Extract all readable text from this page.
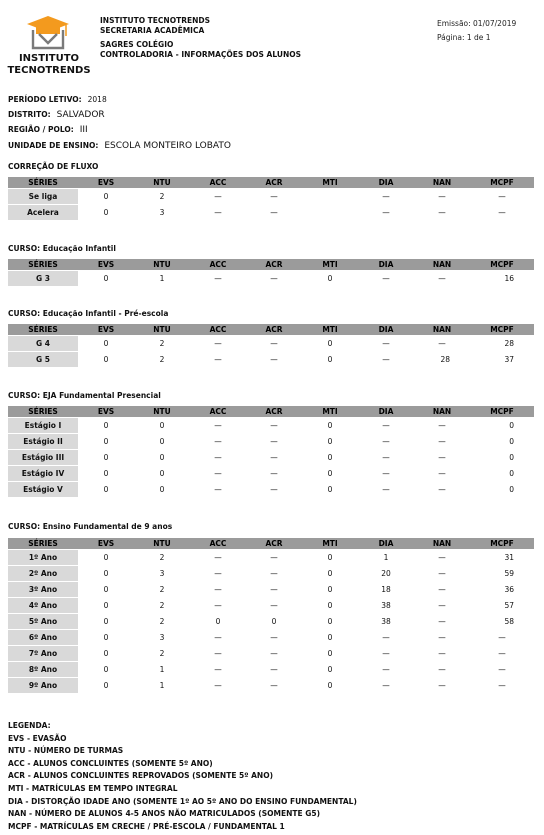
INSTITUTO
TECNOTRENDS
INSTITUTO TECNOTRENDS
SECRETARIA ACADÊMICA
SAGRES COLÉGIO
CONTROLADORIA - INFORMAÇÕES DOS ALUNOS
Emissão: 01/07/2019
Página: 1 de 1
PERÍODO LETIVO: 2018
DISTRITO: SALVADOR
REGIÃO / POLO: III
UNIDADE DE ENSINO: ESCOLA MONTEIRO LOBATO
CORREÇÃO DE FLUXO
SÉRIES	EVS	NTU	ACC	ACR	MTI	DIA	NAN	MCPF
Se liga	0	2	—	—		—	—	—
Acelera	0	3	—	—		—	—	—
CURSO: Educação Infantil
SÉRIES	EVS	NTU	ACC	ACR	MTI	DIA	NAN	MCPF
G 3	0	1	—	—	0	—	—	16
CURSO: Educação Infantil - Pré-escola
SÉRIES	EVS	NTU	ACC	ACR	MTI	DIA	NAN	MCPF
G 4	0	2	—	—	0	—	—	28
G 5	0	2	—	—	0	—	28	37
CURSO: EJA Fundamental Presencial
SÉRIES	EVS	NTU	ACC	ACR	MTI	DIA	NAN	MCPF
Estágio I	0	0	—	—	0	—	—	0
Estágio II	0	0	—	—	0	—	—	0
Estágio III	0	0	—	—	0	—	—	0
Estágio IV	0	0	—	—	0	—	—	0
Estágio V	0	0	—	—	0	—	—	0
CURSO: Ensino Fundamental de 9 anos
SÉRIES	EVS	NTU	ACC	ACR	MTI	DIA	NAN	MCPF
1º Ano	0	2	—	—	0	1	—	31
2º Ano	0	3	—	—	0	20	—	59
3º Ano	0	2	—	—	0	18	—	36
4º Ano	0	2	—	—	0	38	—	57
5º Ano	0	2	0	0	0	38	—	58
6º Ano	0	3	—	—	0	—	—	—
7º Ano	0	2	—	—	0	—	—	—
8º Ano	0	1	—	—	0	—	—	—
9º Ano	0	1	—	—	0	—	—	—
LEGENDA:
EVS - EVASÃO
NTU - NÚMERO DE TURMAS
ACC - ALUNOS CONCLUINTES (SOMENTE 5º ANO)
ACR - ALUNOS CONCLUINTES REPROVADOS (SOMENTE 5º ANO)
MTI - MATRÍCULAS EM TEMPO INTEGRAL
DIA - DISTORÇÃO IDADE ANO (SOMENTE 1º AO 5º ANO DO ENSINO FUNDAMENTAL)
NAN - NÚMERO DE ALUNOS 4-5 ANOS NÃO MATRICULADOS (SOMENTE G5)
MCPF - MATRÍCULAS EM CRECHE / PRÉ-ESCOLA / FUNDAMENTAL 1
